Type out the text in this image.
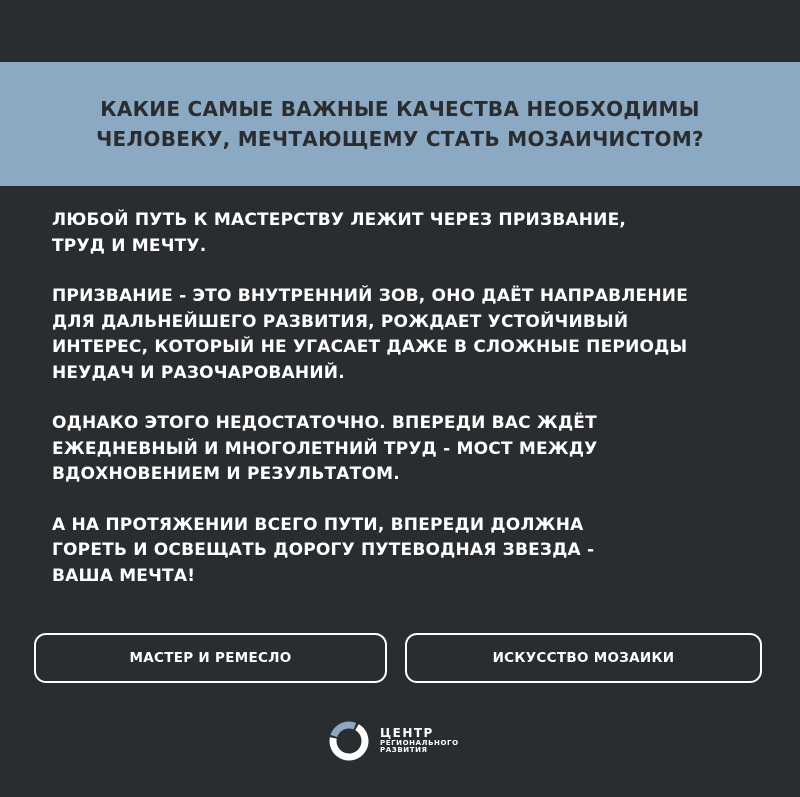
КАКИЕ САМЫЕ ВАЖНЫЕ КАЧЕСТВА НЕОБХОДИМЫ
ЧЕЛОВЕКУ, МЕЧТАЮЩЕМУ СТАТЬ МОЗАИЧИСТОМ?

ЛЮБОЙ ПУТЬ К МАСТЕРСТВУ ЛЕЖИТ ЧЕРЕЗ ПРИЗВАНИЕ,
ТРУД И МЕЧТУ.

ПРИЗВАНИЕ - ЭТО ВНУТРЕННИЙ ЗОВ, ОНО ДАЁТ НАПРАВЛЕНИЕ
ДЛЯ ДАЛЬНЕЙШЕГО РАЗВИТИЯ, РОЖДАЕТ УСТОЙЧИВЫЙ
ИНТЕРЕС, КОТОРЫЙ НЕ УГАСАЕТ ДАЖЕ В СЛОЖНЫЕ ПЕРИОДЫ
НЕУДАЧ И РАЗОЧАРОВАНИЙ.

ОДНАКО ЭТОГО НЕДОСТАТОЧНО. ВПЕРЕДИ ВАС ЖДЁТ
ЕЖЕДНЕВНЫЙ И МНОГОЛЕТНИЙ ТРУД - МОСТ МЕЖДУ
ВДОХНОВЕНИЕМ И РЕЗУЛЬТАТОМ.

А НА ПРОТЯЖЕНИИ ВСЕГО ПУТИ, ВПЕРЕДИ ДОЛЖНА
ГОРЕТЬ И ОСВЕЩАТЬ ДОРОГУ ПУТЕВОДНАЯ ЗВЕЗДА -
ВАША МЕЧТА!

МАСТЕР И РЕМЕСЛО	ИСКУССТВО МОЗАИКИ
ЦЕНТР
РЕГИОНАЛЬНОГО
РАЗВИТИЯ
